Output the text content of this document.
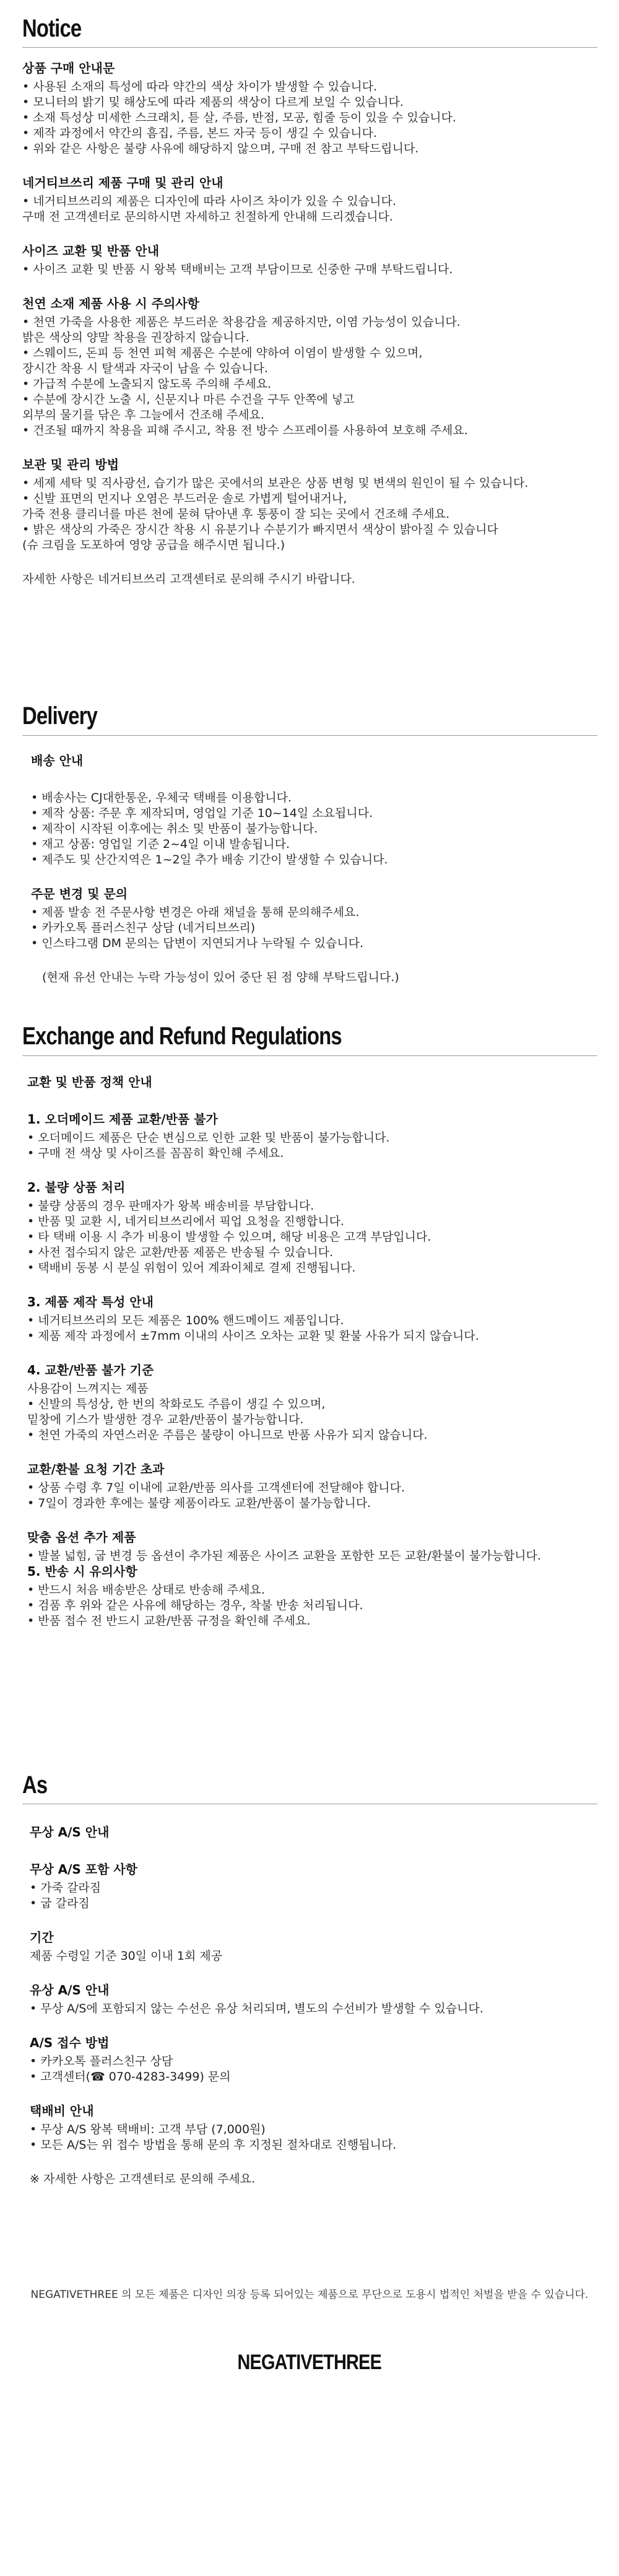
Notice
상품 구매 안내문
• 사용된 소재의 특성에 따라 약간의 색상 차이가 발생할 수 있습니다.
• 모니터의 밝기 및 해상도에 따라 제품의 색상이 다르게 보일 수 있습니다.
• 소재 특성상 미세한 스크래치, 튿 살, 주름, 반점, 모공, 힘줄 등이 있을 수 있습니다.
• 제작 과정에서 약간의 흠집, 주름, 본드 자국 등이 생길 수 있습니다.
• 위와 같은 사항은 불량 사유에 해당하지 않으며, 구매 전 참고 부탁드립니다.
네거티브쓰리 제품 구매 및 관리 안내
• 네거티브쓰리의 제품은 디자인에 따라 사이즈 차이가 있을 수 있습니다.
구매 전 고객센터로 문의하시면 자세하고 친절하게 안내해 드리겠습니다.
사이즈 교환 및 반품 안내
• 사이즈 교환 및 반품 시 왕복 택배비는 고객 부담이므로 신중한 구매 부탁드립니다.
천연 소재 제품 사용 시 주의사항
• 천연 가죽을 사용한 제품은 부드러운 착용감을 제공하지만, 이염 가능성이 있습니다.
밝은 색상의 양말 착용을 권장하지 않습니다.
• 스웨이드, 돈피 등 천연 피혁 제품은 수분에 약하여 이염이 발생할 수 있으며,
장시간 착용 시 탈색과 자국이 남을 수 있습니다.
• 가급적 수분에 노출되지 않도록 주의해 주세요.
• 수분에 장시간 노출 시, 신문지나 마른 수건을 구두 안쪽에 넣고
외부의 물기를 닦은 후 그늘에서 건조해 주세요.
• 건조될 때까지 착용을 피해 주시고, 착용 전 방수 스프레이를 사용하여 보호해 주세요.
보관 및 관리 방법
• 세제 세탁 및 직사광선, 습기가 많은 곳에서의 보관은 상품 변형 및 변색의 원인이 될 수 있습니다.
• 신발 표면의 먼지나 오염은 부드러운 솔로 가볍게 털어내거나,
가죽 전용 클리너를 마른 천에 묻혀 닦아낸 후 통풍이 잘 되는 곳에서 건조해 주세요.
• 밝은 색상의 가죽은 장시간 착용 시 유분기나 수분기가 빠지면서 색상이 밝아질 수 있습니다
(슈 크림을 도포하여 영양 공급을 해주시면 됩니다.)
자세한 사항은 네거티브쓰리 고객센터로 문의해 주시기 바랍니다.
Delivery
배송 안내
• 배송사는 CJ대한통운, 우체국 택배를 이용합니다.
• 제작 상품: 주문 후 제작되며, 영업일 기준 10~14일 소요됩니다.
• 제작이 시작된 이후에는 취소 및 반품이 불가능합니다.
• 재고 상품: 영업일 기준 2~4일 이내 발송됩니다.
• 제주도 및 산간지역은 1~2일 추가 배송 기간이 발생할 수 있습니다.
주문 변경 및 문의
• 제품 발송 전 주문사항 변경은 아래 채널을 통해 문의해주세요.
• 카카오톡 플러스친구 상담 (네거티브쓰리)
• 인스타그램 DM 문의는 답변이 지연되거나 누락될 수 있습니다.
(현재 유선 안내는 누락 가능성이 있어 중단 된 점 양해 부탁드립니다.)
Exchange and Refund Regulations
교환 및 반품 정책 안내
1. 오더메이드 제품 교환/반품 불가
• 오더메이드 제품은 단순 변심으로 인한 교환 및 반품이 불가능합니다.
• 구매 전 색상 및 사이즈를 꼼꼼히 확인해 주세요.
2. 불량 상품 처리
• 불량 상품의 경우 판매자가 왕복 배송비를 부담합니다.
• 반품 및 교환 시, 네거티브쓰리에서 픽업 요청을 진행합니다.
• 타 택배 이용 시 추가 비용이 발생할 수 있으며, 해당 비용은 고객 부담입니다.
• 사전 접수되지 않은 교환/반품 제품은 반송될 수 있습니다.
• 택배비 동봉 시 분실 위험이 있어 계좌이체로 결제 진행됩니다.
3. 제품 제작 특성 안내
• 네거티브쓰리의 모든 제품은 100% 핸드메이드 제품입니다.
• 제품 제작 과정에서 ±7mm 이내의 사이즈 오차는 교환 및 환불 사유가 되지 않습니다.
4. 교환/반품 불가 기준
사용감이 느껴지는 제품
• 신발의 특성상, 한 번의 착화로도 주름이 생길 수 있으며,
밑창에 기스가 발생한 경우 교환/반품이 불가능합니다.
• 천연 가죽의 자연스러운 주름은 불량이 아니므로 반품 사유가 되지 않습니다.
교환/환불 요청 기간 초과
• 상품 수령 후 7일 이내에 교환/반품 의사를 고객센터에 전달해야 합니다.
• 7일이 경과한 후에는 불량 제품이라도 교환/반품이 불가능합니다.
맞춤 옵션 추가 제품
• 발볼 넓힘, 굽 변경 등 옵션이 추가된 제품은 사이즈 교환을 포함한 모든 교환/환불이 불가능합니다.
5. 반송 시 유의사항
• 반드시 처음 배송받은 상태로 반송해 주세요.
• 검품 후 위와 같은 사유에 해당하는 경우, 착불 반송 처리됩니다.
• 반품 접수 전 반드시 교환/반품 규정을 확인해 주세요.
As
무상 A/S 안내
무상 A/S 포함 사항
• 가죽 갈라짐
• 굽 갈라짐
기간
제품 수령일 기준 30일 이내 1회 제공
유상 A/S 안내
• 무상 A/S에 포함되지 않는 수선은 유상 처리되며, 별도의 수선비가 발생할 수 있습니다.
A/S 접수 방법
• 카카오톡 플러스친구 상담
• 고객센터(☎ 070-4283-3499) 문의
택배비 안내
• 무상 A/S 왕복 택배비: 고객 부담 (7,000원)
• 모든 A/S는 위 접수 방법을 통해 문의 후 지정된 절차대로 진행됩니다.
※ 자세한 사항은 고객센터로 문의해 주세요.
NEGATIVETHREE 의 모든 제품은 디자인 의장 등록 되어있는 제품으로 무단으로 도용시 법적인 처벌을 받을 수 있습니다.
NEGATIVETHREE
